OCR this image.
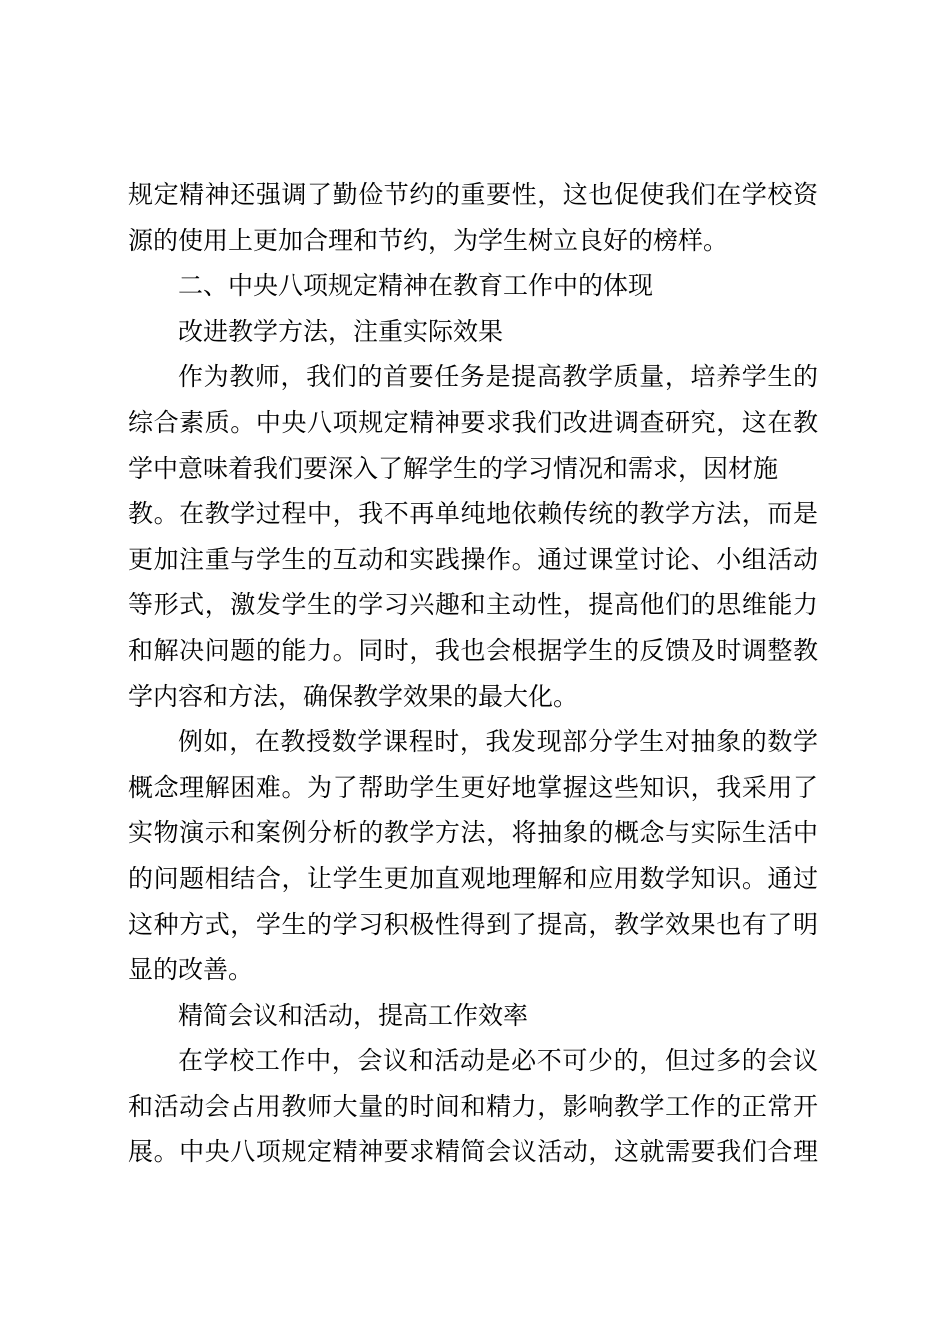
规定精神还强调了勤俭节约的重要性，这也促使我们在学校资
源的使用上更加合理和节约，为学生树立良好的榜样。
二、中央八项规定精神在教育工作中的体现
改进教学方法，注重实际效果
作为教师，我们的首要任务是提高教学质量，培养学生的
综合素质。中央八项规定精神要求我们改进调查研究，这在教
学中意味着我们要深入了解学生的学习情况和需求，因材施
教。在教学过程中，我不再单纯地依赖传统的教学方法，而是
更加注重与学生的互动和实践操作。通过课堂讨论、小组活动
等形式，激发学生的学习兴趣和主动性，提高他们的思维能力
和解决问题的能力。同时，我也会根据学生的反馈及时调整教
学内容和方法，确保教学效果的最大化。
例如，在教授数学课程时，我发现部分学生对抽象的数学
概念理解困难。为了帮助学生更好地掌握这些知识，我采用了
实物演示和案例分析的教学方法，将抽象的概念与实际生活中
的问题相结合，让学生更加直观地理解和应用数学知识。通过
这种方式，学生的学习积极性得到了提高，教学效果也有了明
显的改善。
精简会议和活动，提高工作效率
在学校工作中，会议和活动是必不可少的，但过多的会议
和活动会占用教师大量的时间和精力，影响教学工作的正常开
展。中央八项规定精神要求精简会议活动，这就需要我们合理
